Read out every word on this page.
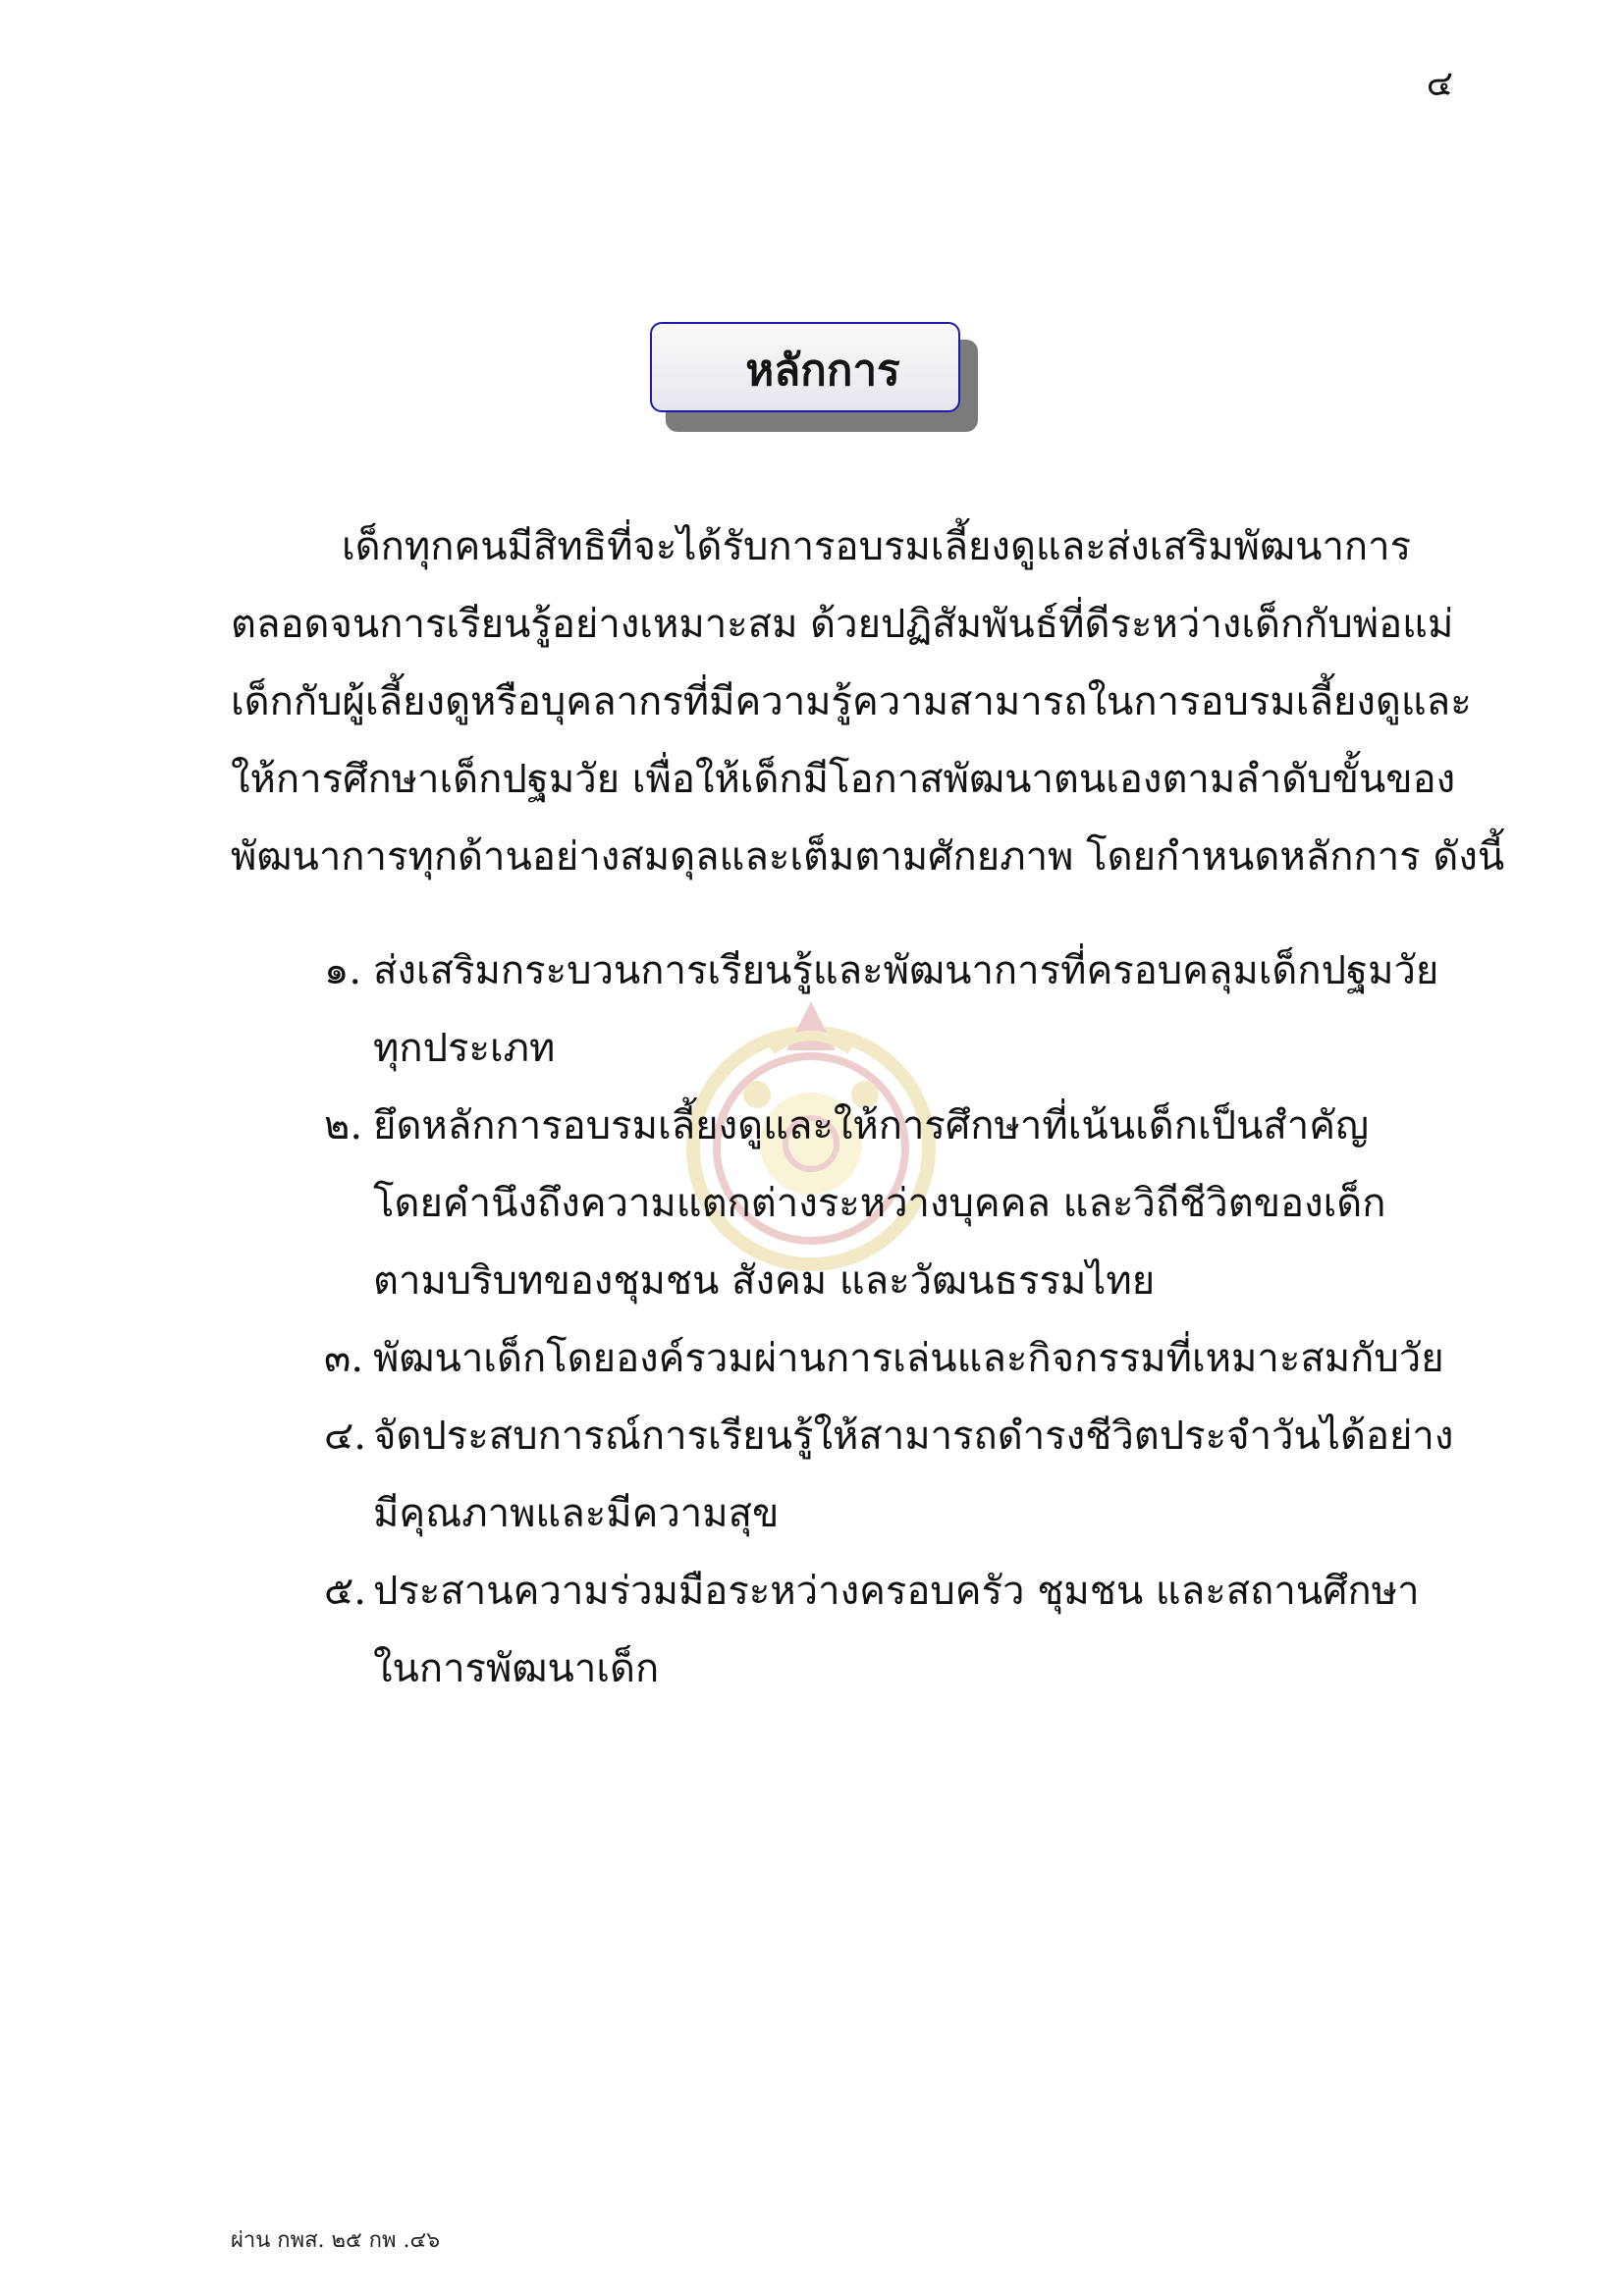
๔
หลักการ
เด็กทุกคนมีสิทธิที่จะได้รับการอบรมเลี้ยงดูและส่งเสริมพัฒนาการ
ตลอดจนการเรียนรู้อย่างเหมาะสม ด้วยปฏิสัมพันธ์ที่ดีระหว่างเด็กกับพ่อแม่
เด็กกับผู้เลี้ยงดูหรือบุคลากรที่มีความรู้ความสามารถในการอบรมเลี้ยงดูและ
ให้การศึกษาเด็กปฐมวัย เพื่อให้เด็กมีโอกาสพัฒนาตนเองตามลำดับขั้นของ
พัฒนาการทุกด้านอย่างสมดุลและเต็มตามศักยภาพ โดยกำหนดหลักการ ดังนี้
๑. ส่งเสริมกระบวนการเรียนรู้และพัฒนาการที่ครอบคลุมเด็กปฐมวัย
ทุกประเภท
๒. ยึดหลักการอบรมเลี้ยงดูและให้การศึกษาที่เน้นเด็กเป็นสำคัญ
โดยคำนึงถึงความแตกต่างระหว่างบุคคล และวิถีชีวิตของเด็ก
ตามบริบทของชุมชน สังคม และวัฒนธรรมไทย
๓. พัฒนาเด็กโดยองค์รวมผ่านการเล่นและกิจกรรมที่เหมาะสมกับวัย
๔. จัดประสบการณ์การเรียนรู้ให้สามารถดำรงชีวิตประจำวันได้อย่าง
มีคุณภาพและมีความสุข
๕. ประสานความร่วมมือระหว่างครอบครัว ชุมชน และสถานศึกษา
ในการพัฒนาเด็ก
ผ่าน กพส. ๒๕ กพ .๔๖
